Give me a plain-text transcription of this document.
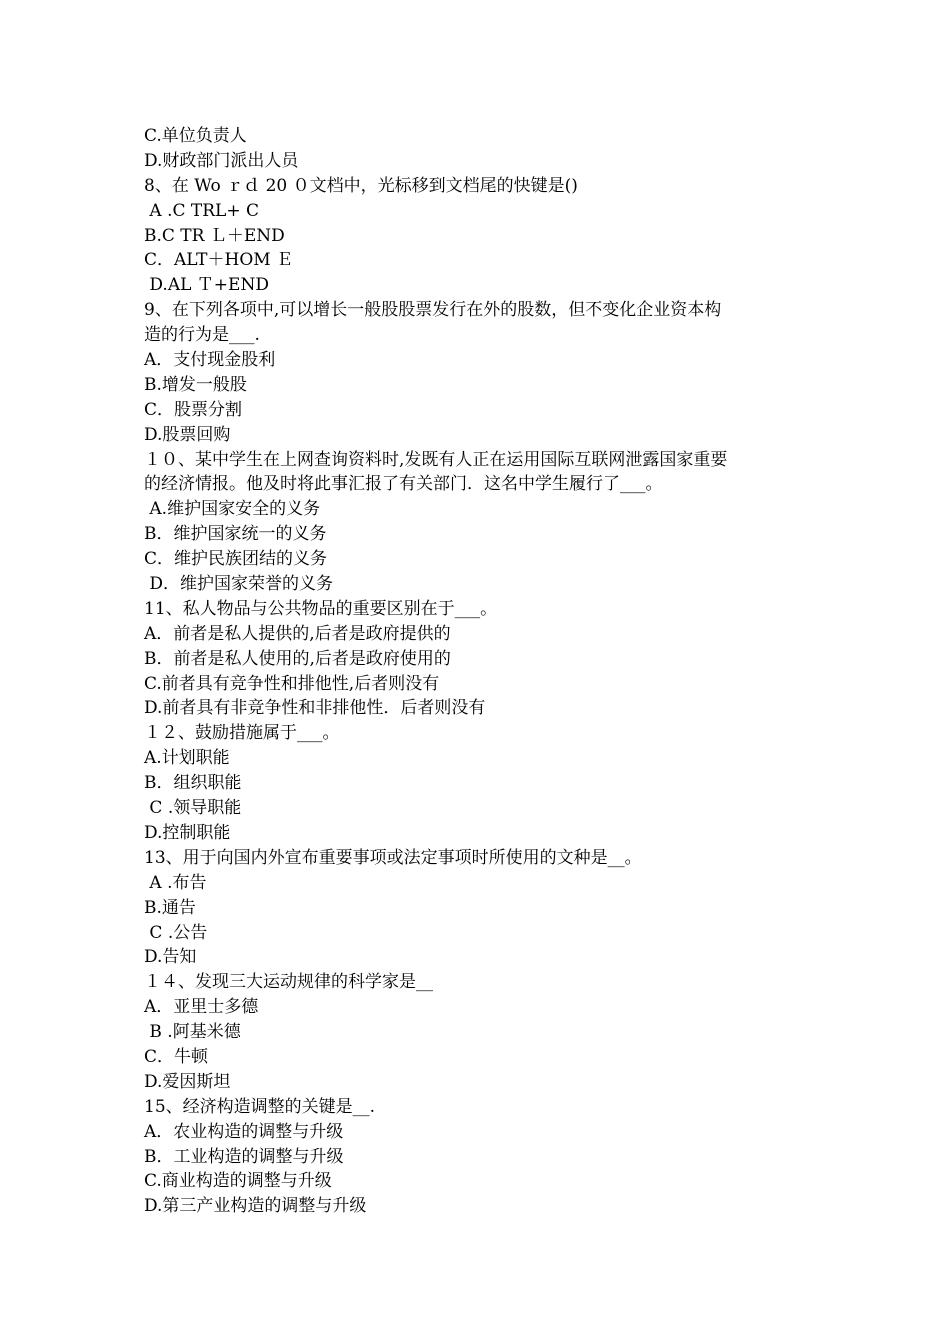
C.单位负责人
D.财政部门派出人员
8、在 Wo ｒｄ 20 ０文档中，光标移到文档尾的快键是()
A .C TRL+ C
B.C TR Ｌ＋END
C．ALT＋HOM Ｅ
D.AL Ｔ+END
9、在下列各项中,可以增长一般股股票发行在外的股数，但不变化企业资本构
造的行为是___.
A．支付现金股利
B.增发一般股
C．股票分割
D.股票回购
１０、某中学生在上网查询资料时,发既有人正在运用国际互联网泄露国家重要
的经济情报。他及时将此事汇报了有关部门．这名中学生履行了___。
A.维护国家安全的义务
B．维护国家统一的义务
C．维护民族团结的义务
D．维护国家荣誉的义务
11、私人物品与公共物品的重要区别在于___。
A．前者是私人提供的,后者是政府提供的
B．前者是私人使用的,后者是政府使用的
C.前者具有竞争性和排他性,后者则没有
D.前者具有非竞争性和非排他性．后者则没有
１２、鼓励措施属于___。
A.计划职能
B．组织职能
C .领导职能
D.控制职能
13、用于向国内外宣布重要事项或法定事项时所使用的文种是__。
A .布告
B.通告
C .公告
D.告知
１４、发现三大运动规律的科学家是__
A．亚里士多德
B .阿基米德
C．牛顿
D.爱因斯坦
15、经济构造调整的关键是__.
A．农业构造的调整与升级
B．工业构造的调整与升级
C.商业构造的调整与升级
D.第三产业构造的调整与升级
